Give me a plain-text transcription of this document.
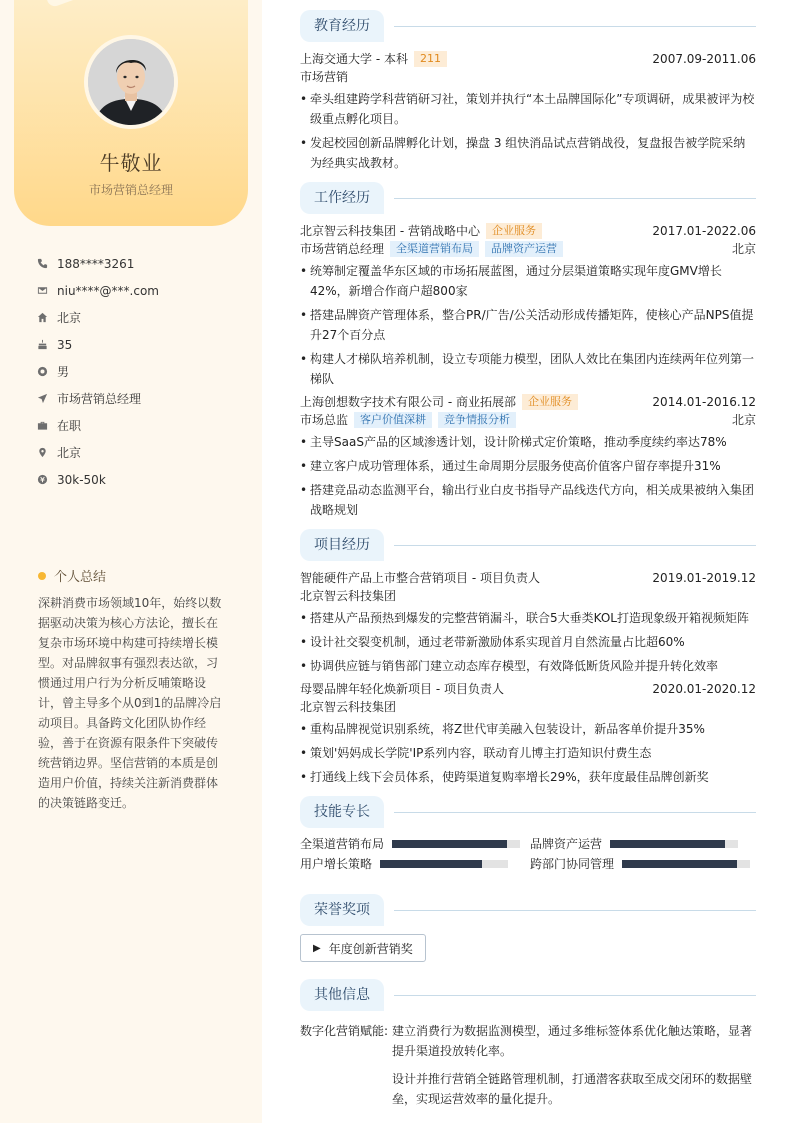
牛敬业
市场营销总经理
188****3261
niu****@***.com
北京
35
男
市场营销总经理
在职
北京
30k-50k
个人总结
深耕消费市场领域10年，始终以数据驱动决策为核心方法论，擅长在复杂市场环境中构建可持续增长模型。对品牌叙事有强烈表达欲，习惯通过用户行为分析反哺策略设计，曾主导多个从0到1的品牌冷启动项目。具备跨文化团队协作经验，善于在资源有限条件下突破传统营销边界。坚信营销的本质是创造用户价值，持续关注新消费群体的决策链路变迁。
教育经历
上海交通大学 - 本科	211	2007.09-2011.06
市场营销
• 牵头组建跨学科营销研习社，策划并执行“本土品牌国际化”专项调研，成果被评为校级重点孵化项目。
• 发起校园创新品牌孵化计划，操盘 3 组快消品试点营销战役，复盘报告被学院采纳为经典实战教材。
工作经历
北京智云科技集团 - 营销战略中心	企业服务	2017.01-2022.06
市场营销总经理	全渠道营销布局	品牌资产运营	北京
• 统筹制定覆盖华东区域的市场拓展蓝图，通过分层渠道策略实现年度GMV增长42%，新增合作商户超800家
• 搭建品牌资产管理体系，整合PR/广告/公关活动形成传播矩阵，使核心产品NPS值提升27个百分点
• 构建人才梯队培养机制，设立专项能力模型，团队人效比在集团内连续两年位列第一梯队
上海创想数字技术有限公司 - 商业拓展部	企业服务	2014.01-2016.12
市场总监	客户价值深耕	竞争情报分析	北京
• 主导SaaS产品的区域渗透计划，设计阶梯式定价策略，推动季度续约率达78%
• 建立客户成功管理体系，通过生命周期分层服务使高价值客户留存率提升31%
• 搭建竞品动态监测平台，输出行业白皮书指导产品线迭代方向，相关成果被纳入集团战略规划
项目经历
智能硬件产品上市整合营销项目 - 项目负责人	2019.01-2019.12
北京智云科技集团
• 搭建从产品预热到爆发的完整营销漏斗，联合5大垂类KOL打造现象级开箱视频矩阵
• 设计社交裂变机制，通过老带新激励体系实现首月自然流量占比超60%
• 协调供应链与销售部门建立动态库存模型，有效降低断货风险并提升转化效率
母婴品牌年轻化焕新项目 - 项目负责人	2020.01-2020.12
北京智云科技集团
• 重构品牌视觉识别系统，将Z世代审美融入包装设计，新品客单价提升35%
• 策划'妈妈成长学院'IP系列内容，联动育儿博主打造知识付费生态
• 打通线上线下会员体系，使跨渠道复购率增长29%，获年度最佳品牌创新奖
技能专长
全渠道营销布局	品牌资产运营
用户增长策略	跨部门协同管理
荣誉奖项
▶ 年度创新营销奖
其他信息
数字化营销赋能: 建立消费行为数据监测模型，通过多维标签体系优化触达策略，显著提升渠道投放转化率。

设计并推行营销全链路管理机制，打通潜客获取至成交闭环的数据壁垒，实现运营效率的量化提升。
